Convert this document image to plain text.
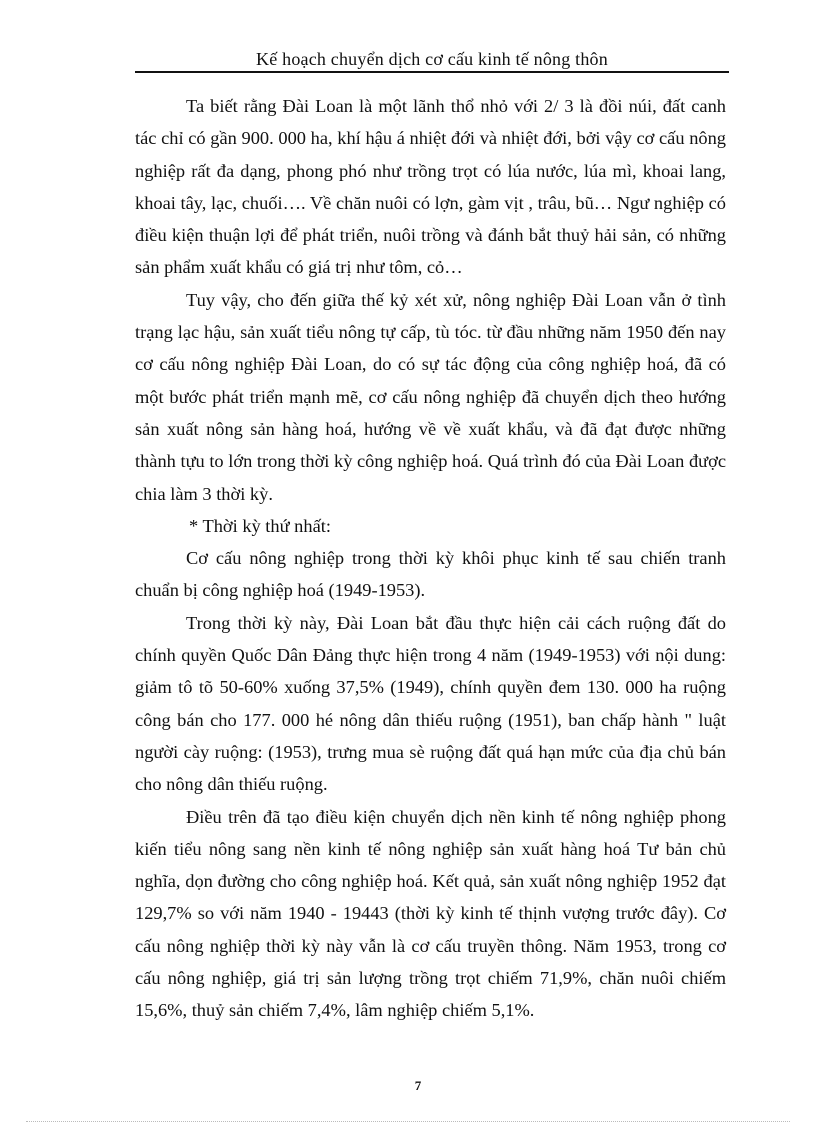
Kế hoạch chuyển dịch cơ cấu kinh tế nông thôn

Ta biết rằng Đài Loan là một lãnh thổ nhỏ với 2/ 3 là đồi núi, đất canh tác chỉ có gần 900. 000 ha, khí hậu á nhiệt đới và nhiệt đới, bởi vậy cơ cấu nông nghiệp rất đa dạng, phong phó như trồng trọt có lúa nước, lúa mì, khoai lang, khoai tây, lạc, chuối…. Về chăn nuôi có lợn, gàm vịt , trâu, bũ… Ngư nghiệp có điều kiện thuận lợi để phát triển, nuôi trồng và đánh bắt thuỷ hải sản, có những sản phẩm xuất khẩu có giá trị như tôm, cỏ…

Tuy vậy, cho đến giữa thế kỷ xét xử, nông nghiệp Đài Loan vẫn ở tình trạng lạc hậu, sản xuất tiểu nông tự cấp, tù tóc. từ đầu những năm 1950 đến nay cơ cấu nông nghiệp Đài Loan, do có sự tác động của công nghiệp hoá, đã có một bước phát triển mạnh mẽ, cơ cấu nông nghiệp đã chuyển dịch theo hướng sản xuất nông sản hàng hoá, hướng về về xuất khẩu, và đã đạt được những thành tựu to lớn trong thời kỳ công nghiệp hoá. Quá trình đó của Đài Loan được chia làm 3 thời kỳ.

* Thời kỳ thứ nhất:

Cơ cấu nông nghiệp trong thời kỳ khôi phục kinh tế sau chiến tranh chuẩn bị công nghiệp hoá (1949-1953).

Trong thời kỳ này, Đài Loan bắt đầu thực hiện cải cách ruộng đất do chính quyền Quốc Dân Đảng thực hiện trong 4 năm (1949-1953) với nội dung: giảm tô tõ 50-60% xuống 37,5% (1949), chính quyền đem 130. 000 ha ruộng công bán cho 177. 000 hé nông dân thiếu ruộng (1951), ban chấp hành " luật người cày ruộng: (1953), trưng mua sè ruộng đất quá hạn mức của địa chủ bán cho nông dân thiếu ruộng.

Điều trên đã tạo điều kiện chuyển dịch nền kinh tế nông nghiệp phong kiến tiểu nông sang nền kinh tế nông nghiệp sản xuất hàng hoá Tư bản chủ nghĩa, dọn đường cho công nghiệp hoá. Kết quả, sản xuất nông nghiệp 1952 đạt 129,7% so với năm 1940 - 19443 (thời kỳ kinh tế thịnh vượng trước đây). Cơ cấu nông nghiệp thời kỳ này vẫn là cơ cấu truyền thông. Năm 1953, trong cơ cấu nông nghiệp, giá trị sản lượng trồng trọt chiếm 71,9%, chăn nuôi chiếm 15,6%, thuỷ sản chiếm 7,4%, lâm nghiệp chiếm 5,1%.

7
